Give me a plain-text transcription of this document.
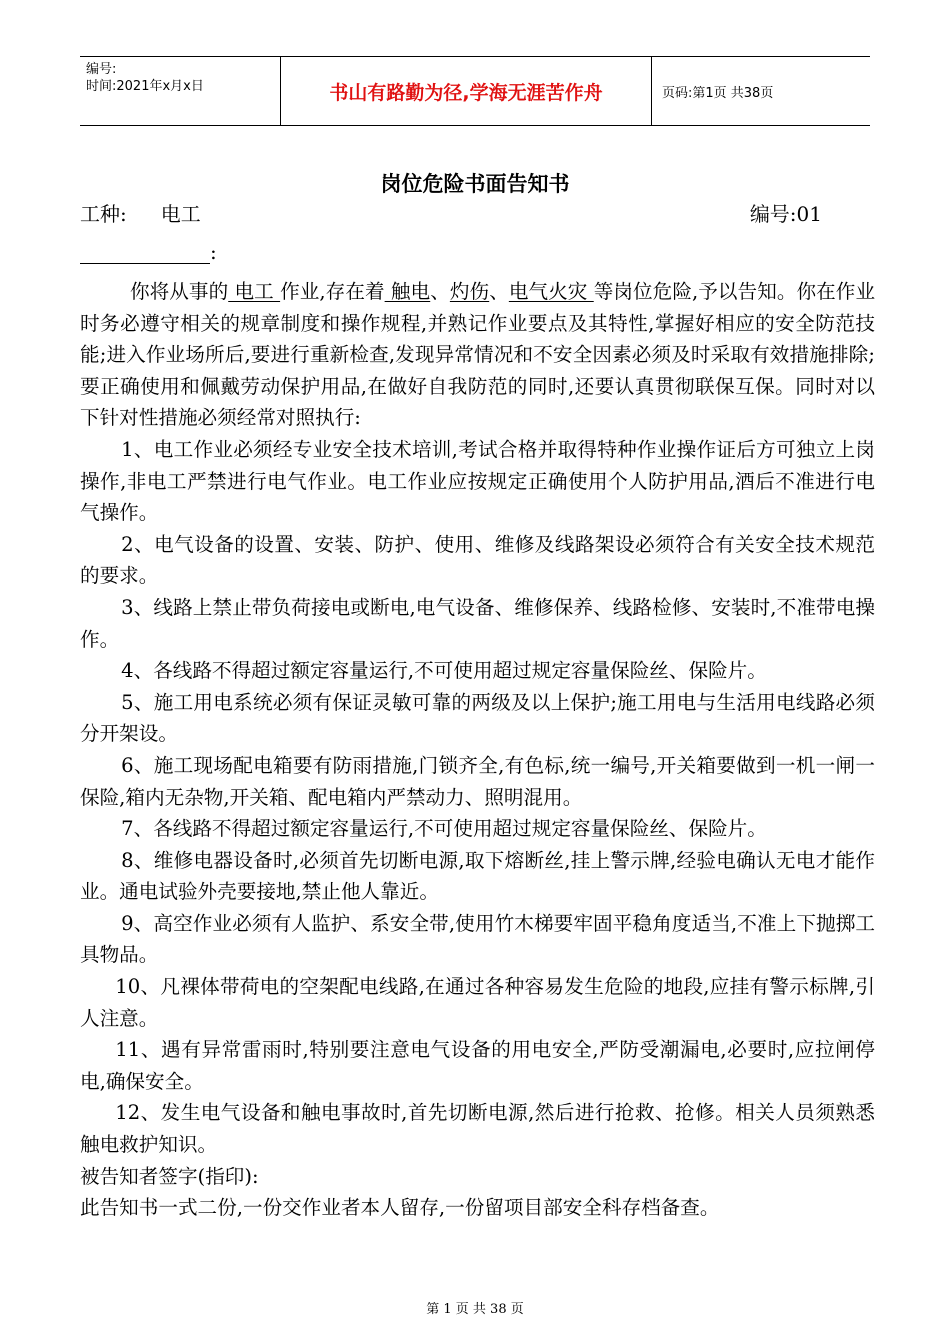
编号:
时间:2021年x月x日	书山有路勤为径,学海无涯苦作舟	页码:第1页 共38页
岗位危险书面告知书
工种: 电工	编号:01
:

你将从事的 电工 作业,存在着 触电、灼伤、电气火灾 等岗位危险,予以告知。你在作业时务必遵守相关的规章制度和操作规程,并熟记作业要点及其特性,掌握好相应的安全防范技能;进入作业场所后,要进行重新检查,发现异常情况和不安全因素必须及时采取有效措施排除;要正确使用和佩戴劳动保护用品,在做好自我防范的同时,还要认真贯彻联保互保。同时对以下针对性措施必须经常对照执行:

1、电工作业必须经专业安全技术培训,考试合格并取得特种作业操作证后方可独立上岗操作,非电工严禁进行电气作业。电工作业应按规定正确使用个人防护用品,酒后不准进行电气操作。

2、电气设备的设置、安装、防护、使用、维修及线路架设必须符合有关安全技术规范的要求。

3、线路上禁止带负荷接电或断电,电气设备、维修保养、线路检修、安装时,不准带电操作。

4、各线路不得超过额定容量运行,不可使用超过规定容量保险丝、保险片。

5、施工用电系统必须有保证灵敏可靠的两级及以上保护;施工用电与生活用电线路必须分开架设。

6、施工现场配电箱要有防雨措施,门锁齐全,有色标,统一编号,开关箱要做到一机一闸一保险,箱内无杂物,开关箱、配电箱内严禁动力、照明混用。

7、各线路不得超过额定容量运行,不可使用超过规定容量保险丝、保险片。

8、维修电器设备时,必须首先切断电源,取下熔断丝,挂上警示牌,经验电确认无电才能作业。通电试验外壳要接地,禁止他人靠近。

9、高空作业必须有人监护、系安全带,使用竹木梯要牢固平稳角度适当,不准上下抛掷工具物品。

10、凡裸体带荷电的空架配电线路,在通过各种容易发生危险的地段,应挂有警示标牌,引人注意。

11、遇有异常雷雨时,特别要注意电气设备的用电安全,严防受潮漏电,必要时,应拉闸停电,确保安全。

12、发生电气设备和触电事故时,首先切断电源,然后进行抢救、抢修。相关人员须熟悉触电救护知识。

被告知者签字(指印):

此告知书一式二份,一份交作业者本人留存,一份留项目部安全科存档备查。

第 1 页 共 38 页
